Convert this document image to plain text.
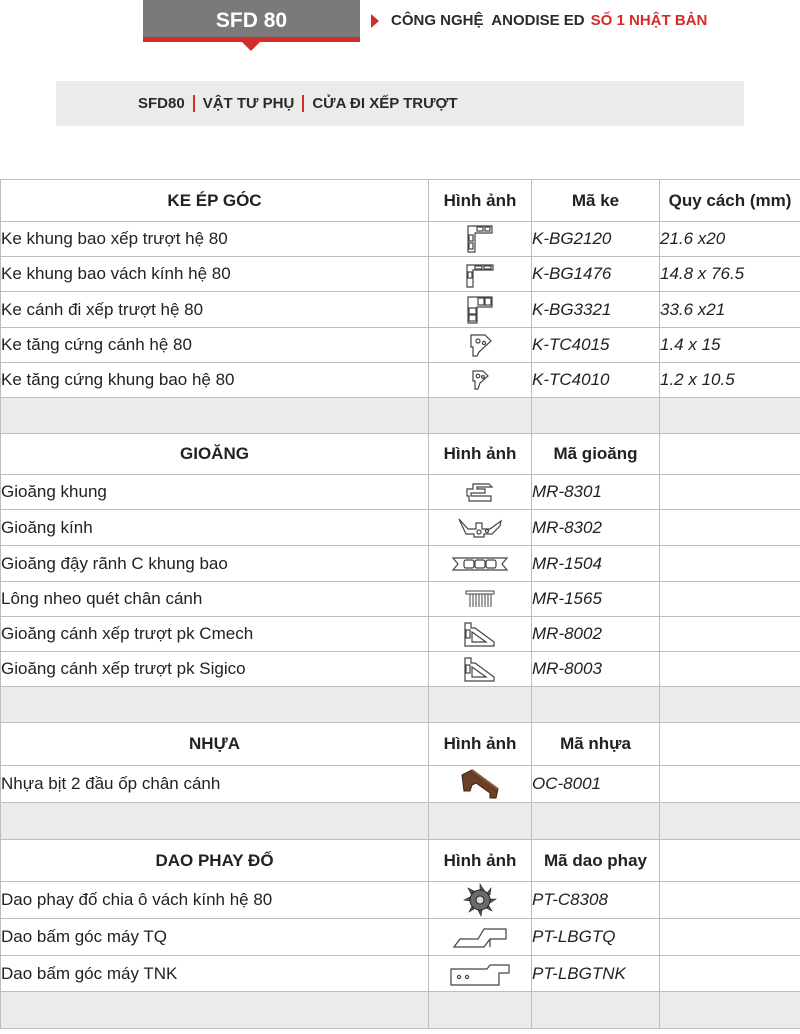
SFD 80	CÔNG NGHỆ  ANODISE ED SỐ 1 NHẬT BẢN
SFD80 VẬT TƯ PHỤ CỬA ĐI XẾP TRƯỢT
KE ÉP GÓC	Hình ảnh	Mã ke	Quy cách (mm)
Ke khung bao xếp trượt hệ 80		K-BG2120	21.6 x20
Ke khung bao vách kính hệ 80		K-BG1476	14.8 x 76.5
Ke cánh đi xếp trượt hệ 80		K-BG3321	33.6 x21
Ke tăng cứng cánh hệ 80		K-TC4015	1.4 x 15
Ke tăng cứng khung bao hệ 80		K-TC4010	1.2 x 10.5

GIOĂNG	Hình ảnh	Mã gioăng	
Gioăng khung		MR-8301	
Gioăng kính		MR-8302	
Gioăng đậy rãnh C khung bao		MR-1504	
Lông nheo quét chân cánh		MR-1565	
Gioăng cánh xếp trượt pk Cmech		MR-8002	
Gioăng cánh xếp trượt pk Sigico		MR-8003	

NHỰA	Hình ảnh	Mã nhựa	
Nhựa bịt 2 đầu ốp chân cánh		OC-8001	

DAO PHAY ĐỐ	Hình ảnh	Mã dao phay	
Dao phay đố chia ô vách kính hệ 80		PT-C8308	
Dao bấm góc máy TQ		PT-LBGTQ	
Dao bấm góc máy TNK		PT-LBGTNK	
